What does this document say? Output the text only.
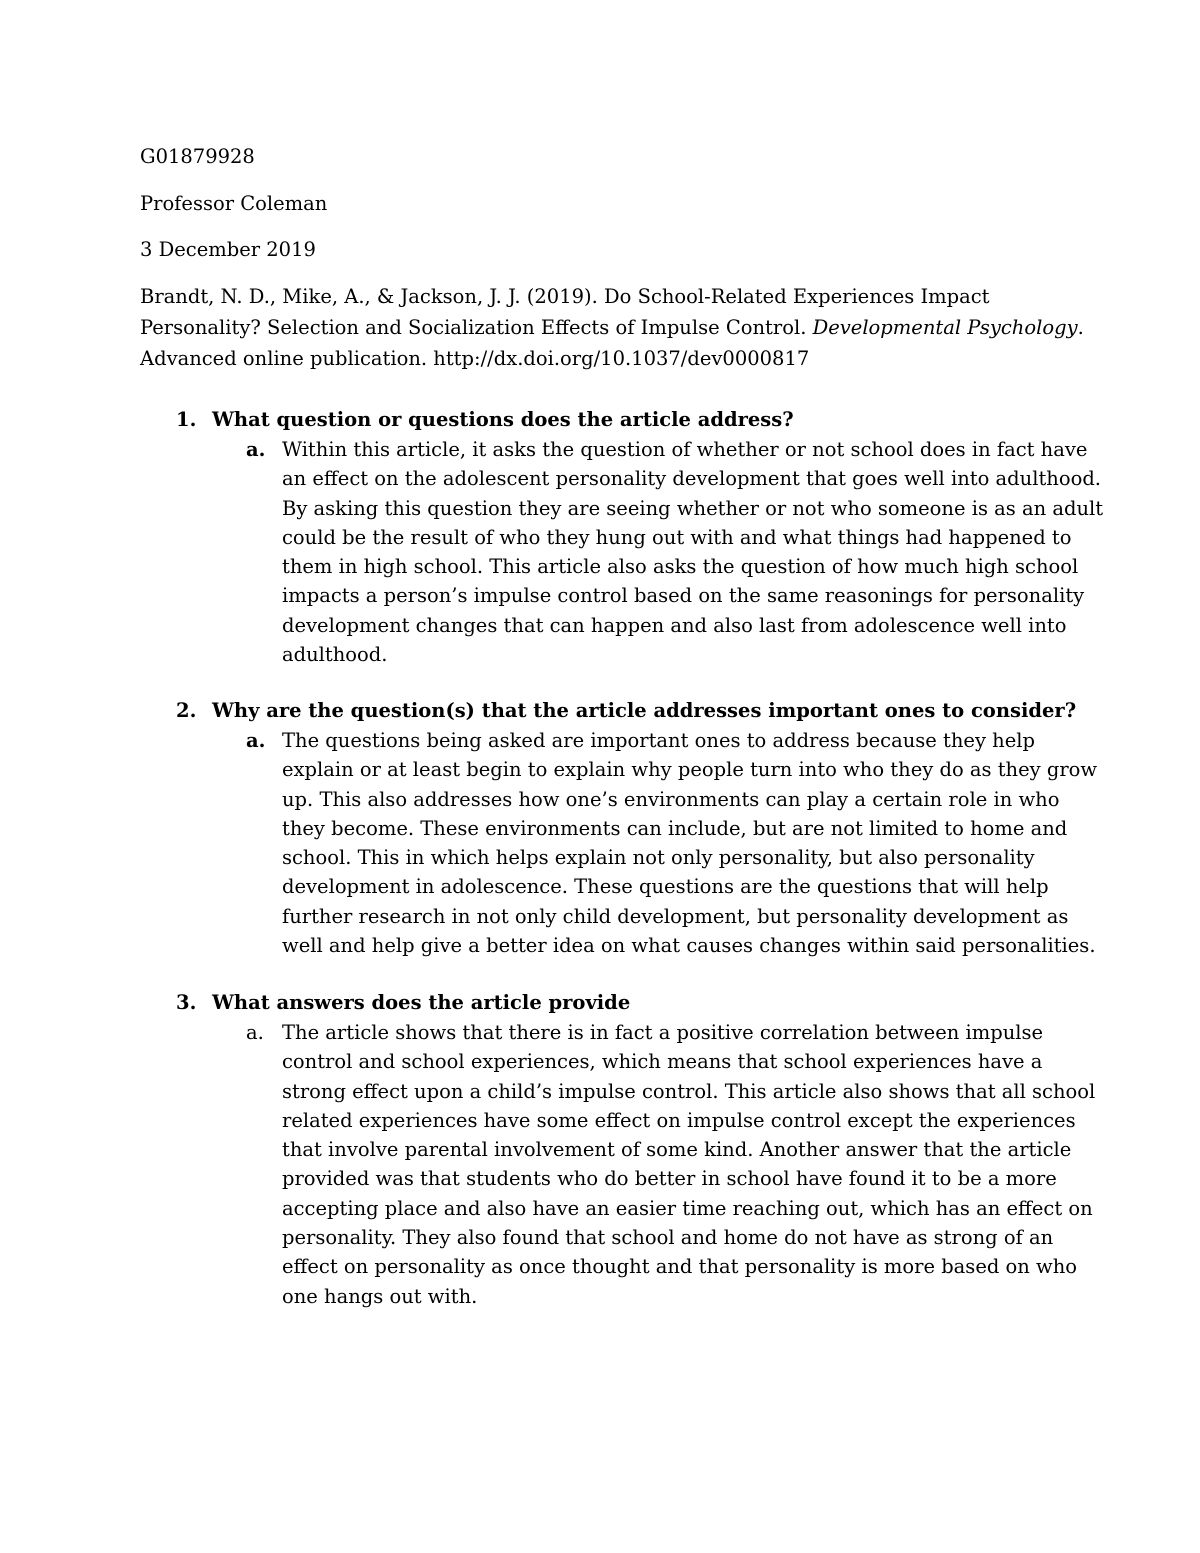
G01879928
Professor Coleman
3 December 2019
Brandt, N. D., Mike, A., & Jackson, J. J. (2019). Do School-Related Experiences Impact
Personality? Selection and Socialization Effects of Impulse Control. Developmental Psychology.
Advanced online publication. http://dx.doi.org/10.1037/dev0000817
1. What question or questions does the article address?
a. Within this article, it asks the question of whether or not school does in fact have
an effect on the adolescent personality development that goes well into adulthood.
By asking this question they are seeing whether or not who someone is as an adult
could be the result of who they hung out with and what things had happened to
them in high school. This article also asks the question of how much high school
impacts a person’s impulse control based on the same reasonings for personality
development changes that can happen and also last from adolescence well into
adulthood.
2. Why are the question(s) that the article addresses important ones to consider?
a. The questions being asked are important ones to address because they help
explain or at least begin to explain why people turn into who they do as they grow
up. This also addresses how one’s environments can play a certain role in who
they become. These environments can include, but are not limited to home and
school. This in which helps explain not only personality, but also personality
development in adolescence. These questions are the questions that will help
further research in not only child development, but personality development as
well and help give a better idea on what causes changes within said personalities.
3. What answers does the article provide
a. The article shows that there is in fact a positive correlation between impulse
control and school experiences, which means that school experiences have a
strong effect upon a child’s impulse control. This article also shows that all school
related experiences have some effect on impulse control except the experiences
that involve parental involvement of some kind. Another answer that the article
provided was that students who do better in school have found it to be a more
accepting place and also have an easier time reaching out, which has an effect on
personality. They also found that school and home do not have as strong of an
effect on personality as once thought and that personality is more based on who
one hangs out with.
